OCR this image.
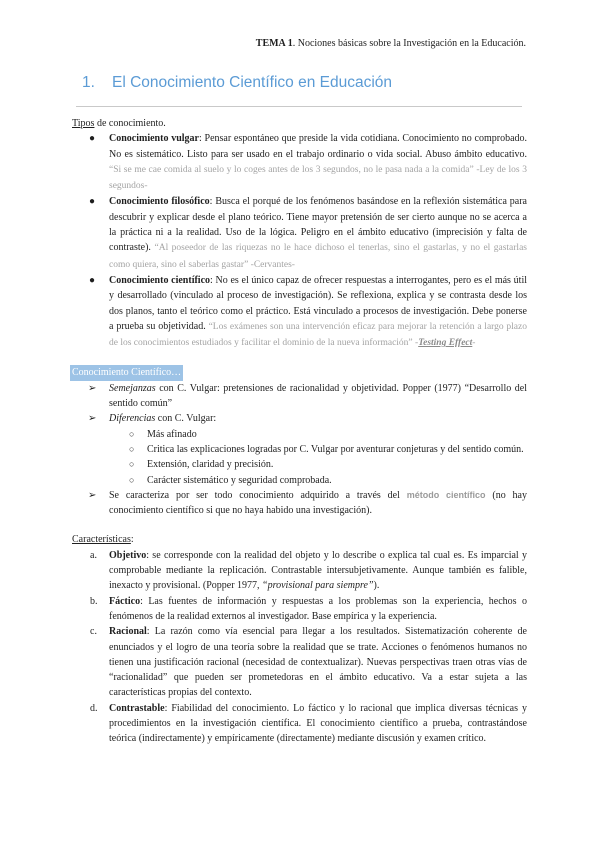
TEMA 1. Nociones básicas sobre la Investigación en la Educación.
1. El Conocimiento Científico en Educación

Tipos de conocimiento.

● Conocimiento vulgar: Pensar espontáneo que preside la vida cotidiana. Conocimiento no comprobado. No es sistemático. Listo para ser usado en el trabajo ordinario o vida social. Abuso ámbito educativo. “Si se me cae comida al suelo y lo coges antes de los 3 segundos, no le pasa nada a la comida” -Ley de los 3 segundos-
● Conocimiento filosófico: Busca el porqué de los fenómenos basándose en la reflexión sistemática para descubrir y explicar desde el plano teórico. Tiene mayor pretensión de ser cierto aunque no se acerca a la práctica ni a la realidad. Uso de la lógica. Peligro en el ámbito educativo (imprecisión y falta de contraste). “Al poseedor de las riquezas no le hace dichoso el tenerlas, sino el gastarlas, y no el gastarlas como quiera, sino el saberlas gastar” -Cervantes-
● Conocimiento científico: No es el único capaz de ofrecer respuestas a interrogantes, pero es el más útil y desarrollado (vinculado al proceso de investigación). Se reflexiona, explica y se contrasta desde los dos planos, tanto el teórico como el práctico. Está vinculado a procesos de investigación. Debe ponerse a prueba su objetividad. “Los exámenes son una intervención eficaz para mejorar la retención a largo plazo de los conocimientos estudiados y facilitar el dominio de la nueva información” -Testing Effect-

Conocimiento Científico…

➢ Semejanzas con C. Vulgar: pretensiones de racionalidad y objetividad. Popper (1977) “Desarrollo del sentido común”
➢ Diferencias con C. Vulgar:
○ Más afinado
○ Critica las explicaciones logradas por C. Vulgar por aventurar conjeturas y del sentido común.
○ Extensión, claridad y precisión.
○ Carácter sistemático y seguridad comprobada.
➢ Se caracteriza por ser todo conocimiento adquirido a través del método científico (no hay conocimiento científico si que no haya habido una investigación).

Características:

a. Objetivo: se corresponde con la realidad del objeto y lo describe o explica tal cual es. Es imparcial y comprobable mediante la replicación. Contrastable intersubjetivamente. Aunque también es falible, inexacto y provisional. (Popper 1977, “provisional para siempre”).
b. Fáctico: Las fuentes de información y respuestas a los problemas son la experiencia, hechos o fenómenos de la realidad externos al investigador. Base empírica y la experiencia.
c. Racional: La razón como vía esencial para llegar a los resultados. Sistematización coherente de enunciados y el logro de una teoría sobre la realidad que se trate. Acciones o fenómenos humanos no tienen una justificación racional (necesidad de contextualizar). Nuevas perspectivas traen otras vías de “racionalidad” que pueden ser prometedoras en el ámbito educativo. Va a estar sujeta a las características propias del contexto.
d. Contrastable: Fiabilidad del conocimiento. Lo fáctico y lo racional que implica diversas técnicas y procedimientos en la investigación científica. El conocimiento científico a prueba, contrastándose teórica (indirectamente) y empíricamente (directamente) mediante discusión y examen crítico.
